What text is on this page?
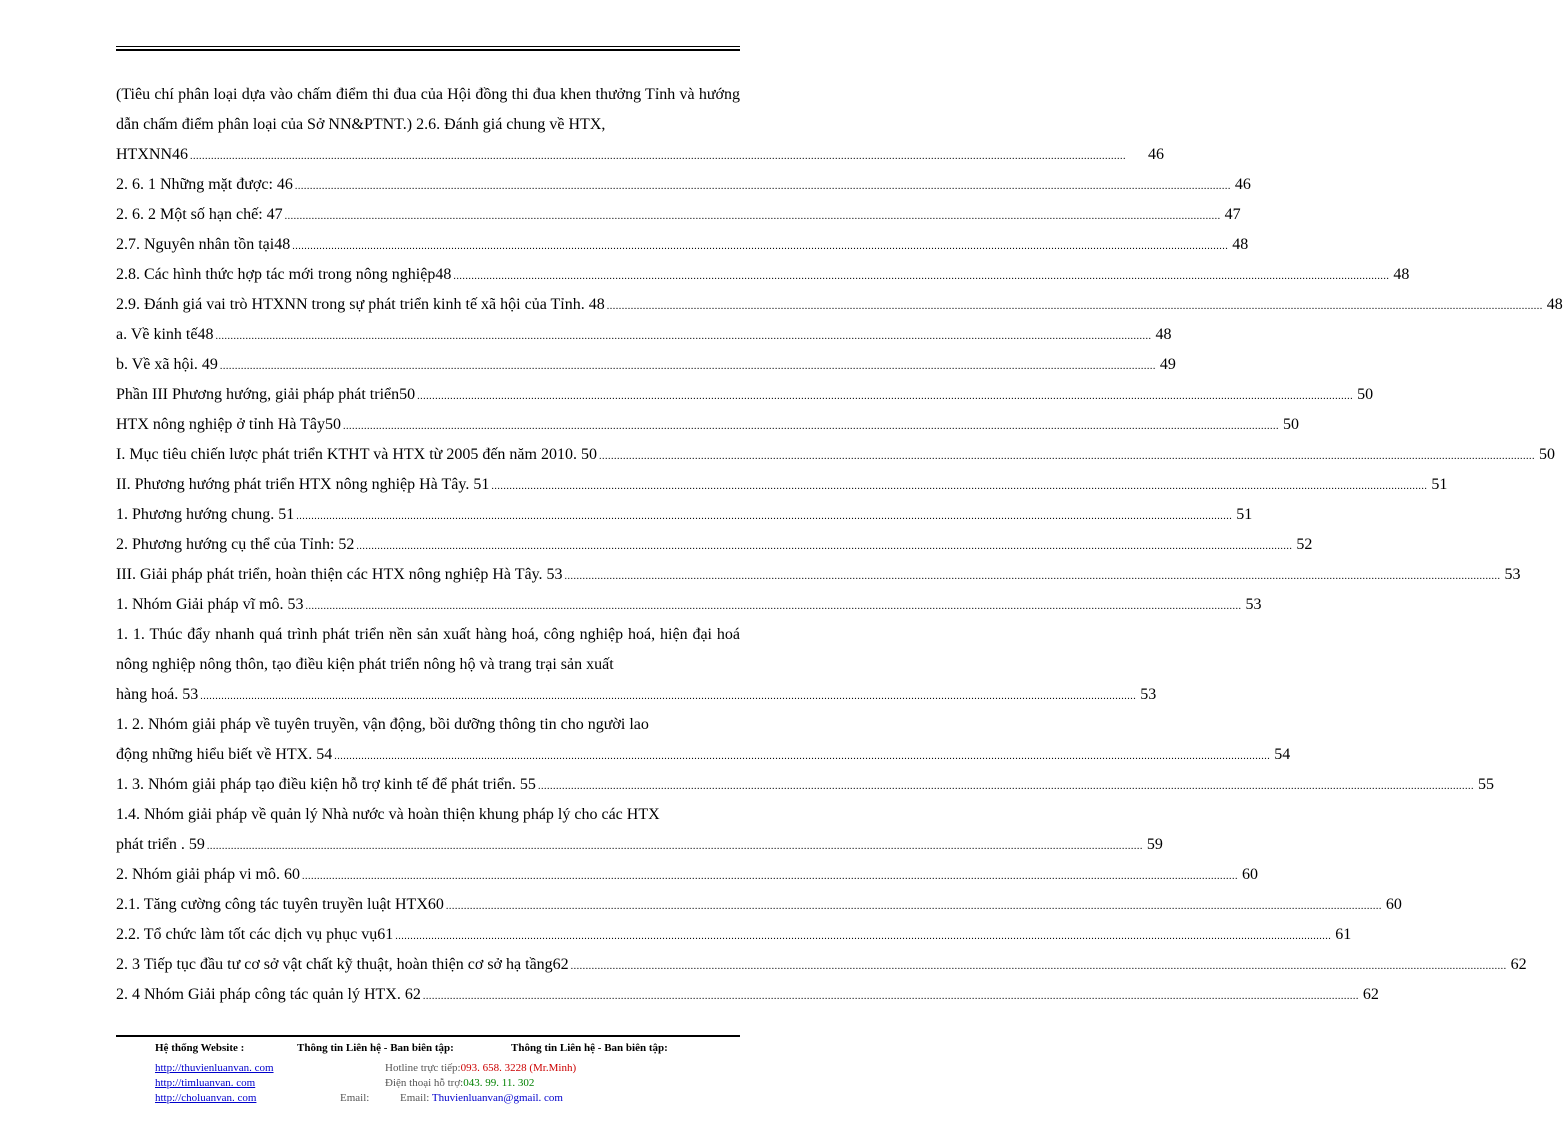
(Tiêu chí phân loại dựa vào chấm điểm thi đua của Hội đồng thi đua khen thưởng Tỉnh và hướng dẫn chấm điểm phân loại của Sở NN&PTNT.) 2.6. Đánh giá chung về HTX,
HTXNN46 .....	46
2. 6. 1 Những mặt được: 46 .....	46
2. 6. 2 Một số hạn chế: 47 .....	47
2.7. Nguyên nhân tồn tại48 .....	48
2.8. Các hình thức hợp tác mới trong nông nghiệp48 .....	48
2.9. Đánh giá vai trò HTXNN trong sự phát triển kinh tế xã hội của Tỉnh. 48 .....	48
a. Về kinh tế48 .....	48
b. Về xã hội. 49 .....	49
Phần III Phương hướng, giải pháp phát triển50 .....	50
HTX nông nghiệp ở tỉnh Hà Tây50 .....	50
I. Mục tiêu chiến lược phát triển KTHT và HTX từ 2005 đến năm 2010. 50 .....	50
II. Phương hướng phát triển HTX nông nghiệp Hà Tây. 51 .....	51
1. Phương hướng chung. 51 .....	51
2. Phương hướng cụ thể của Tỉnh: 52 .....	52
III. Giải pháp phát triển, hoàn thiện các HTX nông nghiệp Hà Tây. 53 .....	53
1. Nhóm Giải pháp vĩ mô. 53 .....	53
1. 1. Thúc đẩy nhanh quá trình phát triển nền sản xuất hàng hoá, công nghiệp hoá, hiện đại hoá nông nghiệp nông thôn, tạo điều kiện phát triển nông hộ và trang trại sản xuất
hàng hoá. 53 .....	53
1. 2. Nhóm giải pháp về tuyên truyền, vận động, bồi dưỡng thông tin cho người lao
động những hiểu biết về HTX. 54 .....	54
1. 3. Nhóm giải pháp tạo điều kiện hỗ trợ kinh tế để phát triển. 55 .....	55
1.4. Nhóm giải pháp về quản lý Nhà nước và hoàn thiện khung pháp lý cho các HTX
phát triển . 59 .....	59
2. Nhóm giải pháp vi mô. 60 .....	60
2.1. Tăng cường công tác tuyên truyền luật HTX60 .....	60
2.2. Tổ chức làm tốt các dịch vụ phục vụ61 .....	61
2. 3 Tiếp tục đầu tư cơ sở vật chất kỹ thuật, hoàn thiện cơ sở hạ tầng62 .....	62
2. 4 Nhóm Giải pháp công tác quản lý HTX. 62 .....	62
Hệ thống Website :	Thông tin Liên hệ - Ban biên tập:	Thông tin Liên hệ - Ban biên tập:
http://thuvienluanvan. com
http://timluanvan. com
http://choluanvan. com
Hotline trực tiếp:093. 658. 3228 (Mr.Minh)
Điện thoại hỗ trợ:043. 99. 11. 302
Email:	Email: Thuvienluanvan@gmail. com
